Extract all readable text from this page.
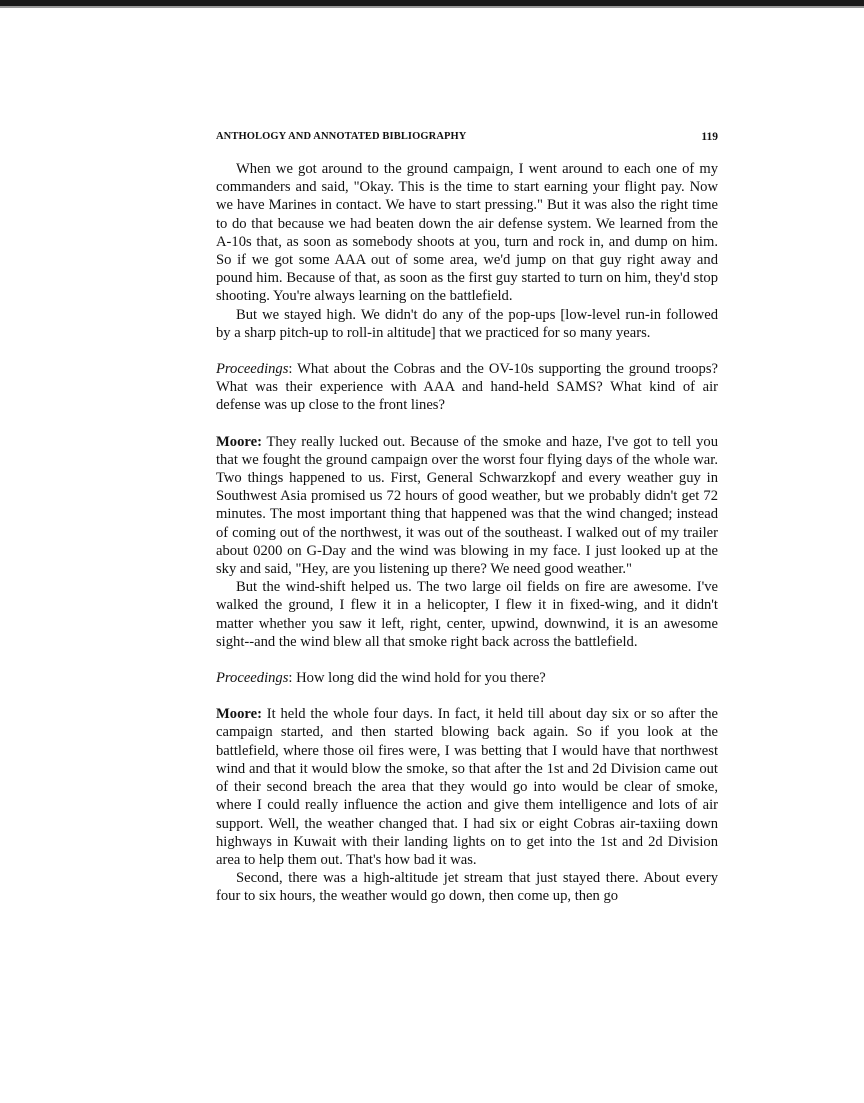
ANTHOLOGY AND ANNOTATED BIBLIOGRAPHY	119

When we got around to the ground campaign, I went around to each one of my commanders and said, "Okay. This is the time to start earning your flight pay. Now we have Marines in contact. We have to start pressing." But it was also the right time to do that because we had beaten down the air defense system. We learned from the A-10s that, as soon as somebody shoots at you, turn and rock in, and dump on him. So if we got some AAA out of some area, we'd jump on that guy right away and pound him. Because of that, as soon as the first guy started to turn on him, they'd stop shooting. You're always learning on the battlefield.

But we stayed high. We didn't do any of the pop-ups [low-level run-in followed by a sharp pitch-up to roll-in altitude] that we practiced for so many years.

Proceedings: What about the Cobras and the OV-10s supporting the ground troops? What was their experience with AAA and hand-held SAMS? What kind of air defense was up close to the front lines?

Moore: They really lucked out. Because of the smoke and haze, I've got to tell you that we fought the ground campaign over the worst four flying days of the whole war. Two things happened to us. First, General Schwarzkopf and every weather guy in Southwest Asia promised us 72 hours of good weather, but we probably didn't get 72 minutes. The most important thing that happened was that the wind changed; instead of coming out of the northwest, it was out of the southeast. I walked out of my trailer about 0200 on G-Day and the wind was blowing in my face. I just looked up at the sky and said, "Hey, are you listening up there? We need good weather."

But the wind-shift helped us. The two large oil fields on fire are awesome. I've walked the ground, I flew it in a helicopter, I flew it in fixed-wing, and it didn't matter whether you saw it left, right, center, upwind, downwind, it is an awesome sight--and the wind blew all that smoke right back across the battlefield.

Proceedings: How long did the wind hold for you there?

Moore: It held the whole four days. In fact, it held till about day six or so after the campaign started, and then started blowing back again. So if you look at the battlefield, where those oil fires were, I was betting that I would have that northwest wind and that it would blow the smoke, so that after the 1st and 2d Division came out of their second breach the area that they would go into would be clear of smoke, where I could really influence the action and give them intelligence and lots of air support. Well, the weather changed that. I had six or eight Cobras air-taxiing down highways in Kuwait with their landing lights on to get into the 1st and 2d Division area to help them out. That's how bad it was.

Second, there was a high-altitude jet stream that just stayed there. About every four to six hours, the weather would go down, then come up, then go
